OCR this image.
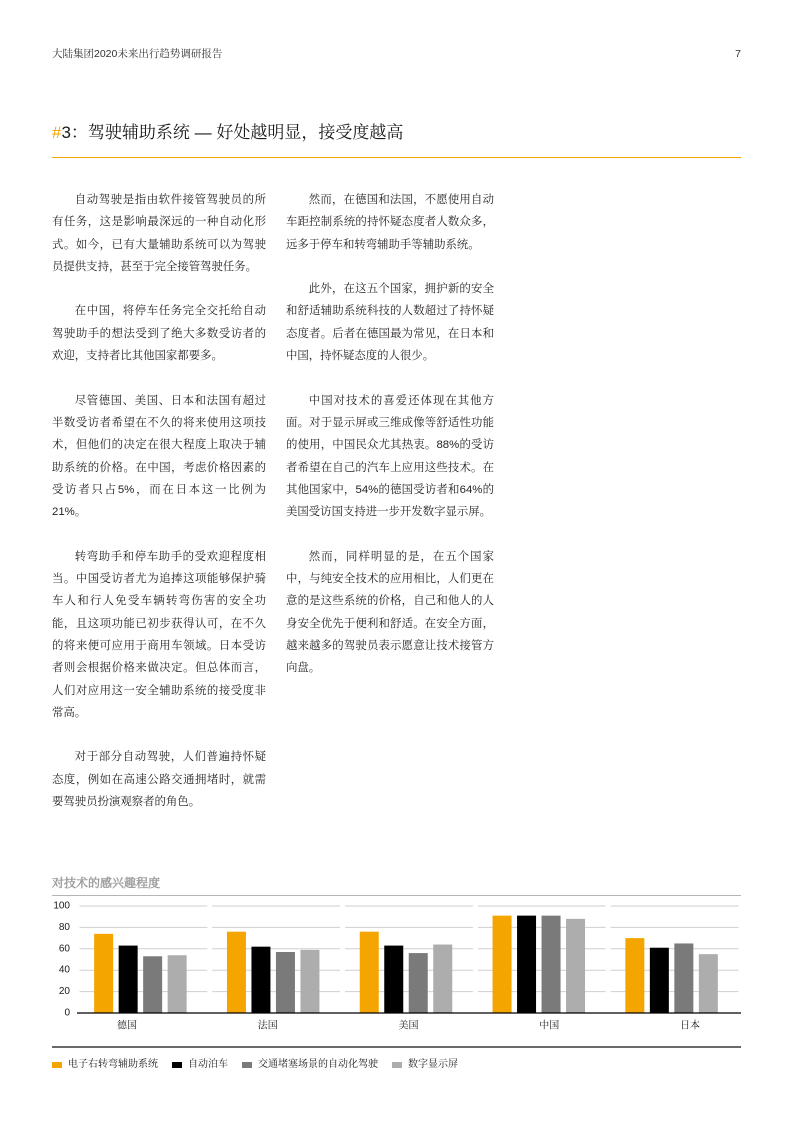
大陆集团2020未来出行趋势调研报告	7
#3：驾驶辅助系统 — 好处越明显，接受度越高

自动驾驶是指由软件接管驾驶员的所有任务，这是影响最深远的一种自动化形式。如今，已有大量辅助系统可以为驾驶员提供支持，甚至于完全接管驾驶任务。

在中国，将停车任务完全交托给自动驾驶助手的想法受到了绝大多数受访者的欢迎，支持者比其他国家都要多。

尽管德国、美国、日本和法国有超过半数受访者希望在不久的将来使用这项技术，但他们的决定在很大程度上取决于辅助系统的价格。在中国，考虑价格因素的受访者只占5%，而在日本这一比例为21%。

转弯助手和停车助手的受欢迎程度相当。中国受访者尤为追捧这项能够保护骑车人和行人免受车辆转弯伤害的安全功能，且这项功能已初步获得认可，在不久的将来便可应用于商用车领域。日本受访者则会根据价格来做决定。但总体而言，人们对应用这一安全辅助系统的接受度非常高。

对于部分自动驾驶，人们普遍持怀疑态度，例如在高速公路交通拥堵时，就需要驾驶员扮演观察者的角色。

然而，在德国和法国，不愿使用自动车距控制系统的持怀疑态度者人数众多，远多于停车和转弯辅助手等辅助系统。

此外，在这五个国家，拥护新的安全和舒适辅助系统科技的人数超过了持怀疑态度者。后者在德国最为常见，在日本和中国，持怀疑态度的人很少。

中国对技术的喜爱还体现在其他方面。对于显示屏或三维成像等舒适性功能的使用，中国民众尤其热衷。88%的受访者希望在自己的汽车上应用这些技术。在其他国家中，54%的德国受访者和64%的美国受访国支持进一步开发数字显示屏。

然而，同样明显的是，在五个国家中，与纯安全技术的应用相比，人们更在意的是这些系统的价格，自己和他人的人身安全优先于便利和舒适。在安全方面，越来越多的驾驶员表示愿意让技术接管方向盘。

对技术的感兴趣程度
0
20
40
60
80
100
德国	法国	美国	中国	日本
电子右转弯辅助系统	自动泊车	交通堵塞场景的自动化驾驶	数字显示屏
